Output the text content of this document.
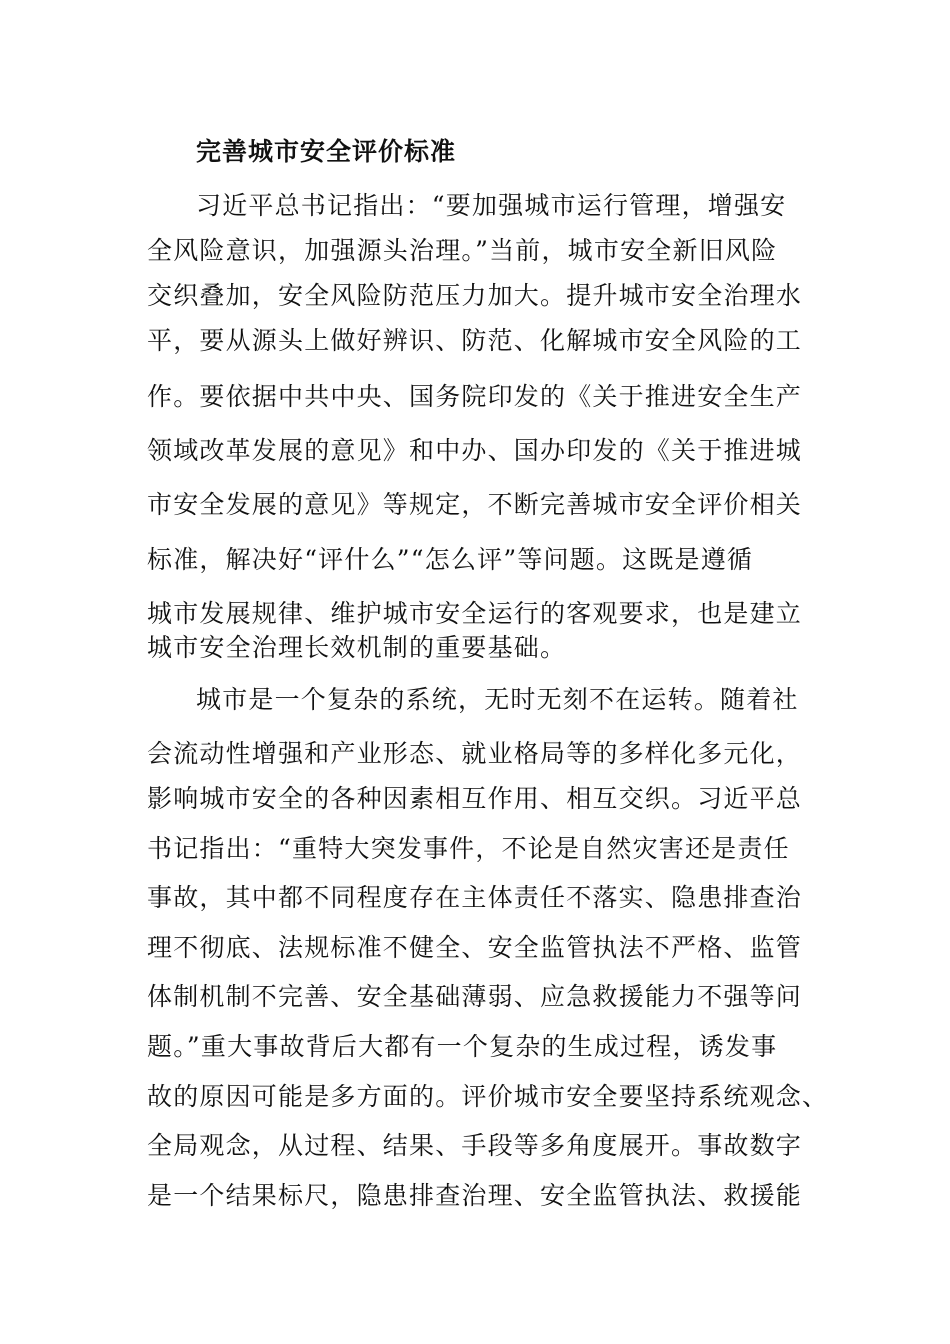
完善城市安全评价标准

习近平总书记指出：“要加强城市运行管理，增强安

全风险意识，加强源头治理。”当前，城市安全新旧风险

交织叠加，安全风险防范压力加大。提升城市安全治理水

平，要从源头上做好辨识、防范、化解城市安全风险的工

作。要依据中共中央、国务院印发的《关于推进安全生产

领域改革发展的意见》和中办、国办印发的《关于推进城

市安全发展的意见》等规定，不断完善城市安全评价相关

标准，解决好“评什么”“怎么评”等问题。这既是遵循

城市发展规律、维护城市安全运行的客观要求，也是建立

城市安全治理长效机制的重要基础。

城市是一个复杂的系统，无时无刻不在运转。随着社

会流动性增强和产业形态、就业格局等的多样化多元化，

影响城市安全的各种因素相互作用、相互交织。习近平总

书记指出：“重特大突发事件，不论是自然灾害还是责任

事故，其中都不同程度存在主体责任不落实、隐患排查治

理不彻底、法规标准不健全、安全监管执法不严格、监管

体制机制不完善、安全基础薄弱、应急救援能力不强等问

题。”重大事故背后大都有一个复杂的生成过程，诱发事

故的原因可能是多方面的。评价城市安全要坚持系统观念、

全局观念，从过程、结果、手段等多角度展开。事故数字

是一个结果标尺，隐患排查治理、安全监管执法、救援能
